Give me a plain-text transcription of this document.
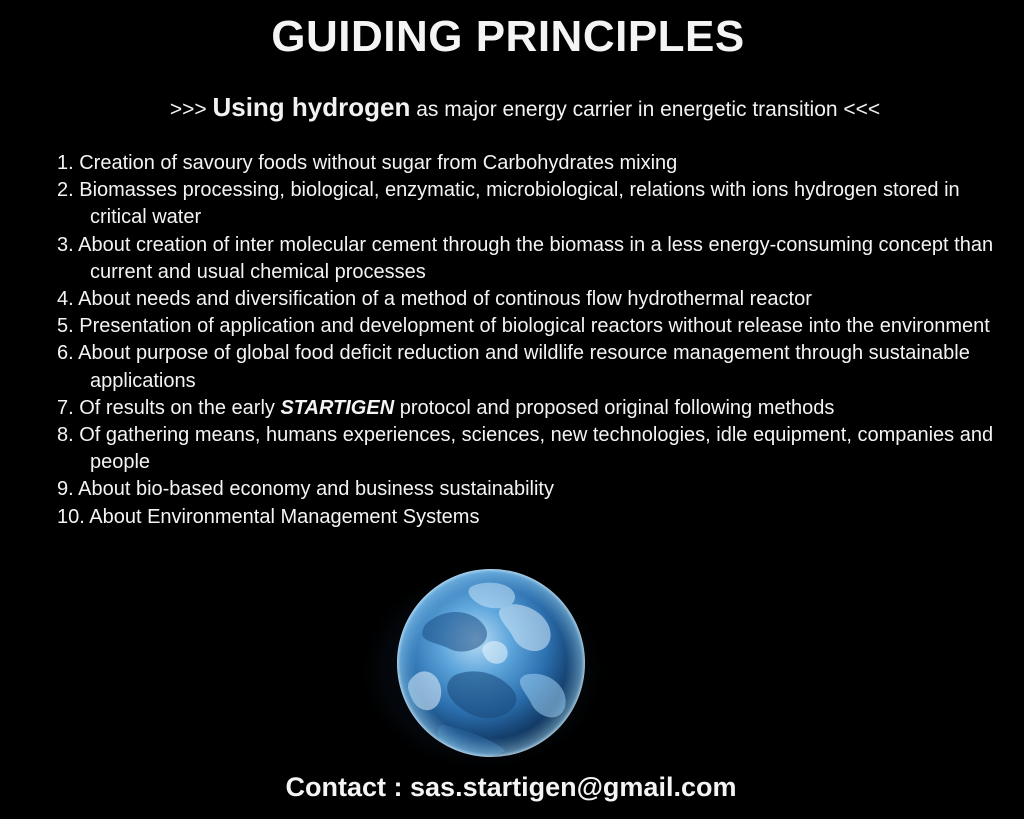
GUIDING PRINCIPLES
>>> Using hydrogen as major energy carrier in energetic transition <<<
1. Creation of savoury foods without sugar from Carbohydrates mixing
2. Biomasses processing, biological, enzymatic, microbiological, relations with ions hydrogen stored in critical water
3. About creation of inter molecular cement through the biomass in a less energy-consuming concept than current and usual chemical processes
4. About needs and diversification of a method of continous flow hydrothermal reactor
5. Presentation of application and development of biological reactors without release into the environment
6. About purpose of global food deficit reduction and wildlife resource management through sustainable applications
7. Of results on the early STARTIGEN protocol and proposed original following methods
8. Of gathering means, humans experiences, sciences, new technologies, idle equipment, companies and people
9. About bio-based economy and business sustainability
10. About Environmental Management Systems
Contact : sas.startigen@gmail.com
